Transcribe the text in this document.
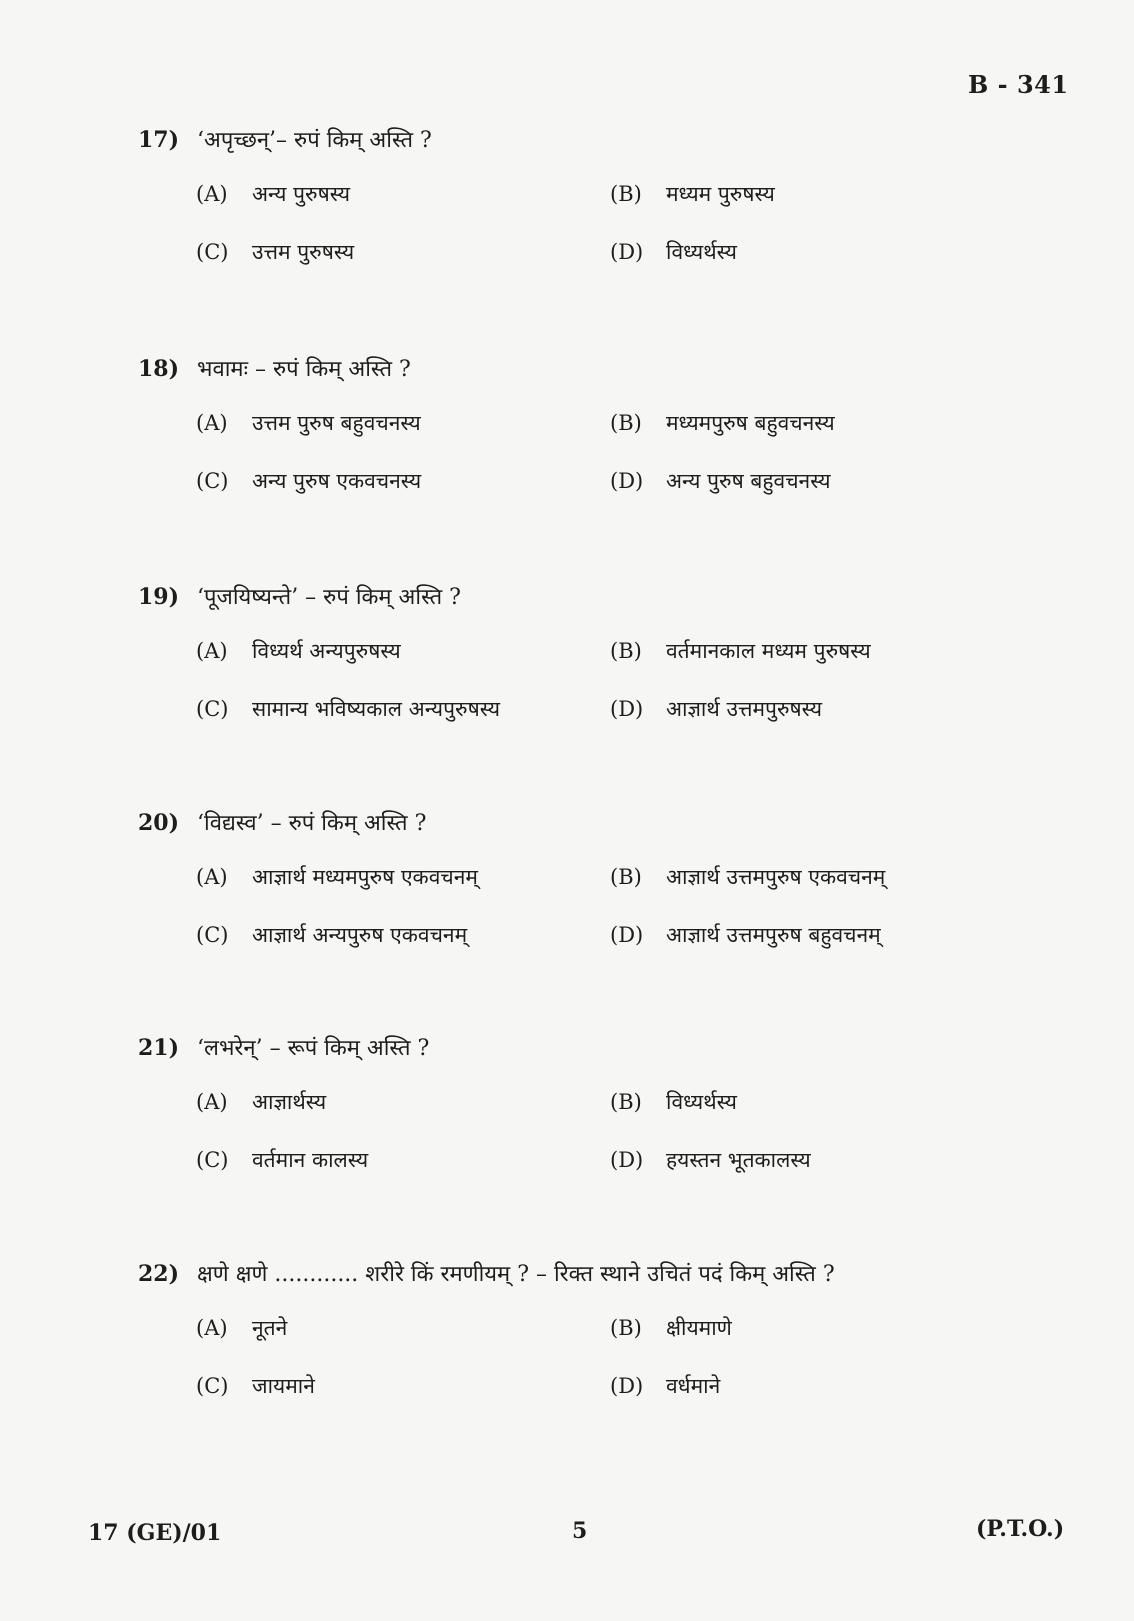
B - 341
17) ‘अपृच्छन्’– रुपं किम् अस्ति ?
(A) अन्य पुरुषस्य	(B) मध्यम पुरुषस्य
(C) उत्तम पुरुषस्य	(D) विध्यर्थस्य
18) भवामः – रुपं किम् अस्ति ?
(A) उत्तम पुरुष बहुवचनस्य	(B) मध्यमपुरुष बहुवचनस्य
(C) अन्य पुरुष एकवचनस्य	(D) अन्य पुरुष बहुवचनस्य
19) ‘पूजयिष्यन्ते’ – रुपं किम् अस्ति ?
(A) विध्यर्थ अन्यपुरुषस्य	(B) वर्तमानकाल मध्यम पुरुषस्य
(C) सामान्य भविष्यकाल अन्यपुरुषस्य	(D) आज्ञार्थ उत्तमपुरुषस्य
20) ‘विद्यस्व’ – रुपं किम् अस्ति ?
(A) आज्ञार्थ मध्यमपुरुष एकवचनम्	(B) आज्ञार्थ उत्तमपुरुष एकवचनम्
(C) आज्ञार्थ अन्यपुरुष एकवचनम्	(D) आज्ञार्थ उत्तमपुरुष बहुवचनम्
21) ‘लभरेन्’ – रूपं किम् अस्ति ?
(A) आज्ञार्थस्य	(B) विध्यर्थस्य
(C) वर्तमान कालस्य	(D) हयस्तन भूतकालस्य
22) क्षणे क्षणे ............ शरीरे किं रमणीयम् ? – रिक्त स्थाने उचितं पदं किम् अस्ति ?
(A) नूतने	(B) क्षीयमाणे
(C) जायमाने	(D) वर्धमाने
17 (GE)/01	5	(P.T.O.)
